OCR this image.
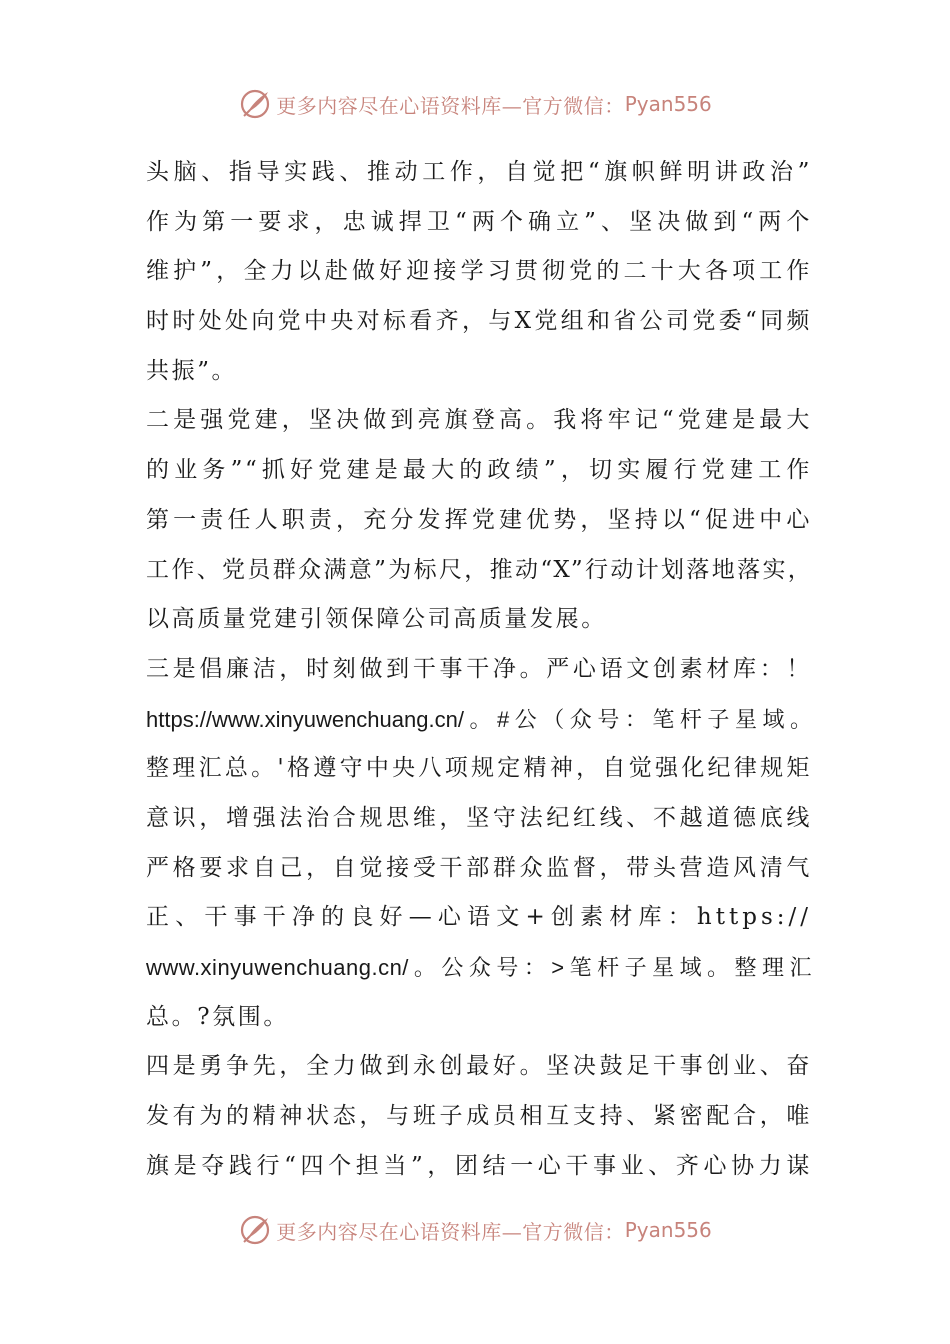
更多内容尽在心语资料库—官方微信： Pyan556
头脑、指导实践、推动工作，自觉把“旗帜鲜明讲政治”
作为第一要求，忠诚捍卫“两个确立”、坚决做到“两个
维护”，全力以赴做好迎接学习贯彻党的二十大各项工作
时时处处向党中央对标看齐，与X党组和省公司党委“同频
共振”。
二是强党建，坚决做到亮旗登高。我将牢记“党建是最大
的业务”“抓好党建是最大的政绩”，切实履行党建工作
第一责任人职责，充分发挥党建优势，坚持以“促进中心
工作、党员群众满意”为标尺，推动“X”行动计划落地落实，
以高质量党建引领保障公司高质量发展。
三是倡廉洁，时刻做到干事干净。严心语文创素材库：！
https://www.xinyuwenchuang.cn/。#公（众号：笔杆子星域。
整理汇总。'格遵守中央八项规定精神，自觉强化纪律规矩
意识，增强法治合规思维，坚守法纪红线、不越道德底线
严格要求自己，自觉接受干部群众监督，带头营造风清气
正、干事干净的良好—心语文+创素材库：https://
www.xinyuwenchuang.cn/。公众号：>笔杆子星域。整理汇
总。?氛围。
四是勇争先，全力做到永创最好。坚决鼓足干事创业、奋
发有为的精神状态，与班子成员相互支持、紧密配合，唯
旗是夺践行“四个担当”，团结一心干事业、齐心协力谋
更多内容尽在心语资料库—官方微信： Pyan556
